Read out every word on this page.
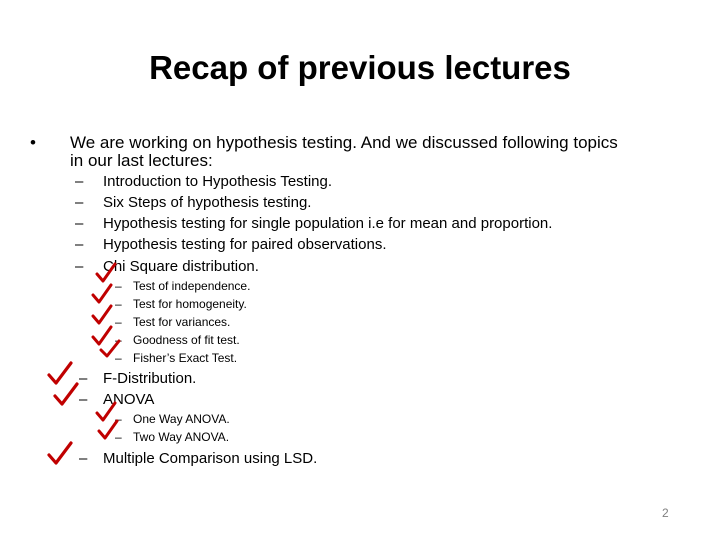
Recap of previous lectures
• We are working on hypothesis testing. And we discussed following topics
in our last lectures:
– Introduction to Hypothesis Testing.
– Six Steps of hypothesis testing.
– Hypothesis testing for single population i.e for mean and proportion.
– Hypothesis testing for paired observations.
– Chi Square distribution.
– Test of independence.
– Test for homogeneity.
– Test for variances.
– Goodness of fit test.
– Fisher’s Exact Test.
– F-Distribution.
– ANOVA
– One Way ANOVA.
– Two Way ANOVA.
– Multiple Comparison using LSD.
2
